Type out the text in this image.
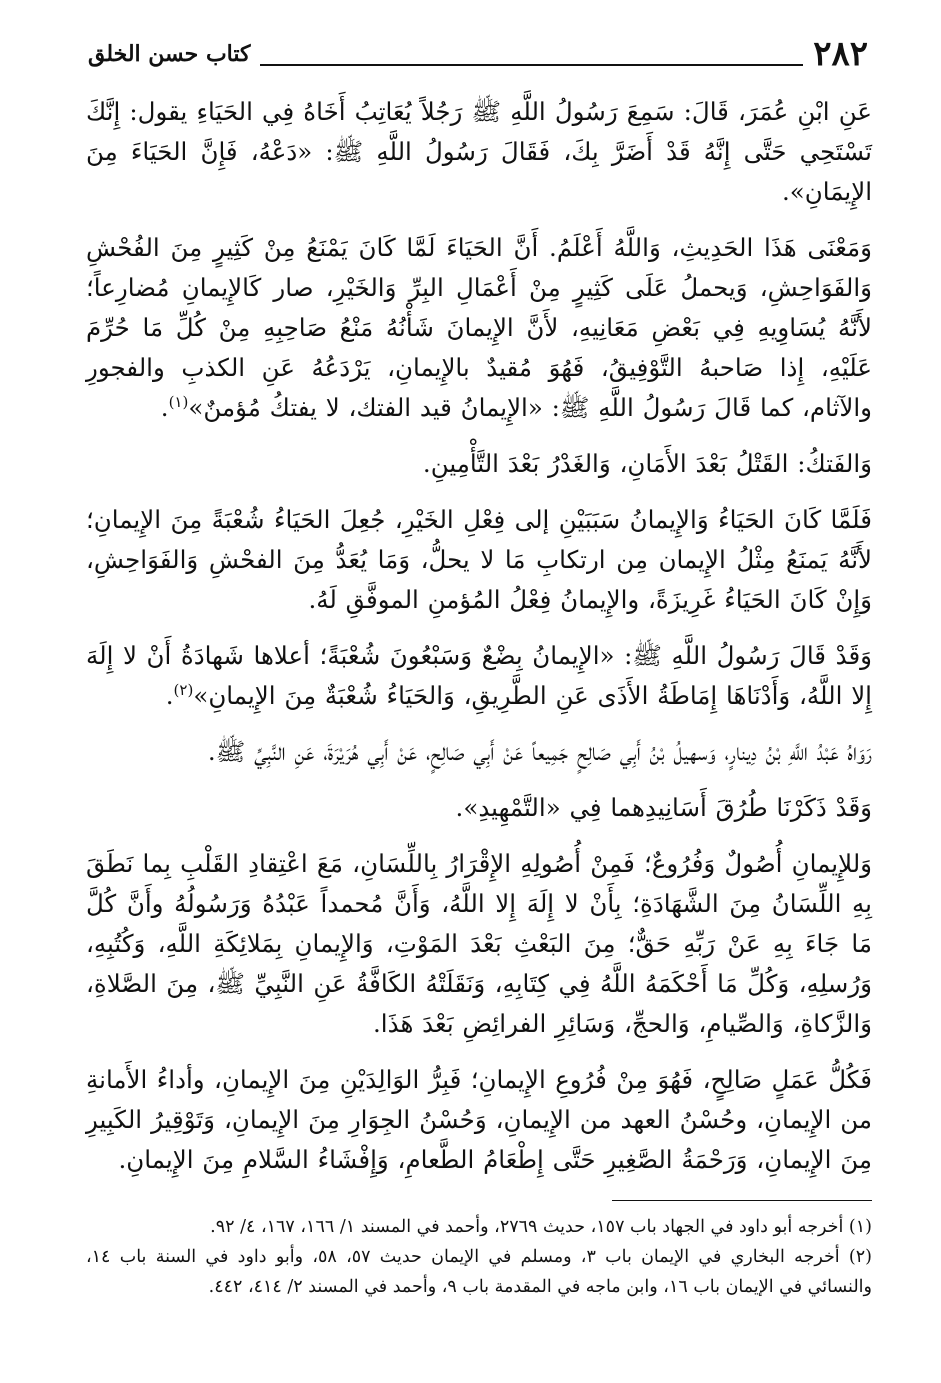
٢٨٢
كتاب حسن الخلق

عَنِ ابْنِ عُمَرَ، قَالَ: سَمِعَ رَسُولُ اللَّهِ ﷺ رَجُلاً يُعَاتِبُ أَخَاهُ فِي الحَيَاءِ يقول: إِنَّكَ تَسْتَحِي حَتَّى إِنَّهُ قَدْ أَضَرَّ بِكَ، فَقَالَ رَسُولُ اللَّهِ ﷺ: «دَعْهُ، فَإِنَّ الحَيَاءَ مِنَ الإِيمَانِ».

وَمَعْنَى هَذَا الحَدِيثِ، وَاللَّهُ أَعْلَمُ. أَنَّ الحَيَاءَ لَمَّا كَانَ يَمْنَعُ مِنْ كَثِيرٍ مِنَ الفُحْشِ وَالفَوَاحِشِ، وَيحملُ عَلَى كَثِيرٍ مِنْ أَعْمَالِ البِرِّ وَالخَيْرِ، صار كَالإِيمانِ مُضارِعاً؛ لأَنَّهُ يُسَاوِيهِ فِي بَعْضِ مَعَانِيهِ، لأَنَّ الإِيمانَ شَأْنُهُ مَنْعُ صَاحِبِهِ مِنْ كُلِّ مَا حُرِّمَ عَلَيْهِ، إِذا صَاحبهُ التَّوْفِيقُ، فَهُوَ مُقيدٌ بالإِيمانِ، يَرْدَعُهُ عَنِ الكذبِ والفجورِ والآثام، كما قَالَ رَسُولُ اللَّهِ ﷺ: «الإِيمانُ قيد الفتك، لا يفتكُ مُؤمنٌ»$^{(١)}$.

وَالفَتكُ: القَتْلُ بَعْدَ الأَمَانِ، وَالغَدْرُ بَعْدَ التَّأْمِينِ.

فَلَمَّا كَانَ الحَيَاءُ وَالإِيمانُ سَبَبَيْنِ إلى فِعْلِ الخَيْرِ، جُعِلَ الحَيَاءُ شُعْبَةً مِنَ الإِيمانِ؛ لأَنَّهُ يَمنَعُ مِثْلُ الإِيمان مِن ارتكابِ مَا لا يحلُّ، وَمَا يُعَدُّ مِنَ الفحْشِ وَالفَوَاحِشِ، وَإِنْ كَانَ الحَيَاءُ غَرِيزَةً، والإِيمانُ فِعْلُ المُؤمنِ الموفَّقِ لَهُ.

وَقَدْ قَالَ رَسُولُ اللَّهِ ﷺ: «الإِيمانُ بِضْعٌ وَسَبْعُونَ شُعْبَةً؛ أعلاها شَهادَةُ أَنْ لا إِلَهَ إِلا اللَّهُ، وَأَدْنَاهَا إِمَاطَةُ الأَذَى عَنِ الطَّرِيقِ، وَالحَيَاءُ شُعْبَةٌ مِنَ الإِيمانِ»$^{(٢)}$.

رَوَاهُ عَبْدُ اللَّهِ بْنُ دِينارٍ، وَسهيلُ بْنُ أَبِي صَالِحٍ جَمِيعاً عَنْ أَبِي صَالِحٍ، عَنْ أَبِي هُرَيْرَةَ، عَنِ النَّبِيِّ ﷺ.

وَقَدْ ذَكَرْنَا طُرُقَ أَسَانِيدِهما فِي «التَّمْهِيدِ».

وَللإِيمانِ أُصُولٌ وَفُرُوعٌ؛ فَمِنْ أُصُولِهِ الإِقْرَارُ بِاللِّسَانِ، مَعَ اعْتِقادِ القَلْبِ بِما نَطَقَ بِهِ اللِّسَانُ مِنَ الشَّهَادَةِ؛ بِأَنْ لا إِلَهَ إِلا اللَّهُ، وَأَنَّ مُحمداً عَبْدُهُ وَرَسُولُهُ وأَنَّ كُلَّ مَا جَاءَ بِهِ عَنْ رَبِّهِ حَقٌّ؛ مِنَ البَعْثِ بَعْدَ المَوْتِ، وَالإِيمانِ بِمَلائِكَةِ اللَّهِ، وَكُتُبِهِ، وَرُسلِهِ، وَكُلِّ مَا أَحْكَمَهُ اللَّهُ فِي كِتَابِهِ، وَنَقَلَتْهُ الكَافَّةُ عَنِ النَّبِيِّ ﷺ، مِنَ الصَّلاةِ، وَالزَّكاةِ، وَالصِّيامِ، وَالحجِّ، وَسَائِرِ الفرائِضِ بَعْدَ هَذَا.

فَكُلُّ عَمَلٍ صَالِحٍ، فَهُوَ مِنْ فُرُوعِ الإِيمانِ؛ فَبِرُّ الوَالِدَيْنِ مِنَ الإِيمانِ، وأداءُ الأَمانةِ من الإِيمانِ، وحُسْنُ العهد من الإِيمانِ، وَحُسْنُ الجِوَارِ مِنَ الإِيمانِ، وَتَوْقِيرُ الكَبِيرِ مِنَ الإِيمانِ، وَرَحْمَةُ الصَّغِيرِ حَتَّى إِطْعَامُ الطَّعامِ، وَإِفْشَاءُ السَّلامِ مِنَ الإِيمانِ.

(١) أخرجه أبو داود في الجهاد باب ١٥٧، حديث ٢٧٦٩، وأحمد في المسند ١/ ١٦٦، ١٦٧، ٤/ ٩٢.

(٢) أخرجه البخاري في الإيمان باب ٣، ومسلم في الإيمان حديث ٥٧، ٥٨، وأبو داود في السنة باب ١٤، والنسائي في الإيمان باب ١٦، وابن ماجه في المقدمة باب ٩، وأحمد في المسند ٢/ ٤١٤، ٤٤٢.
